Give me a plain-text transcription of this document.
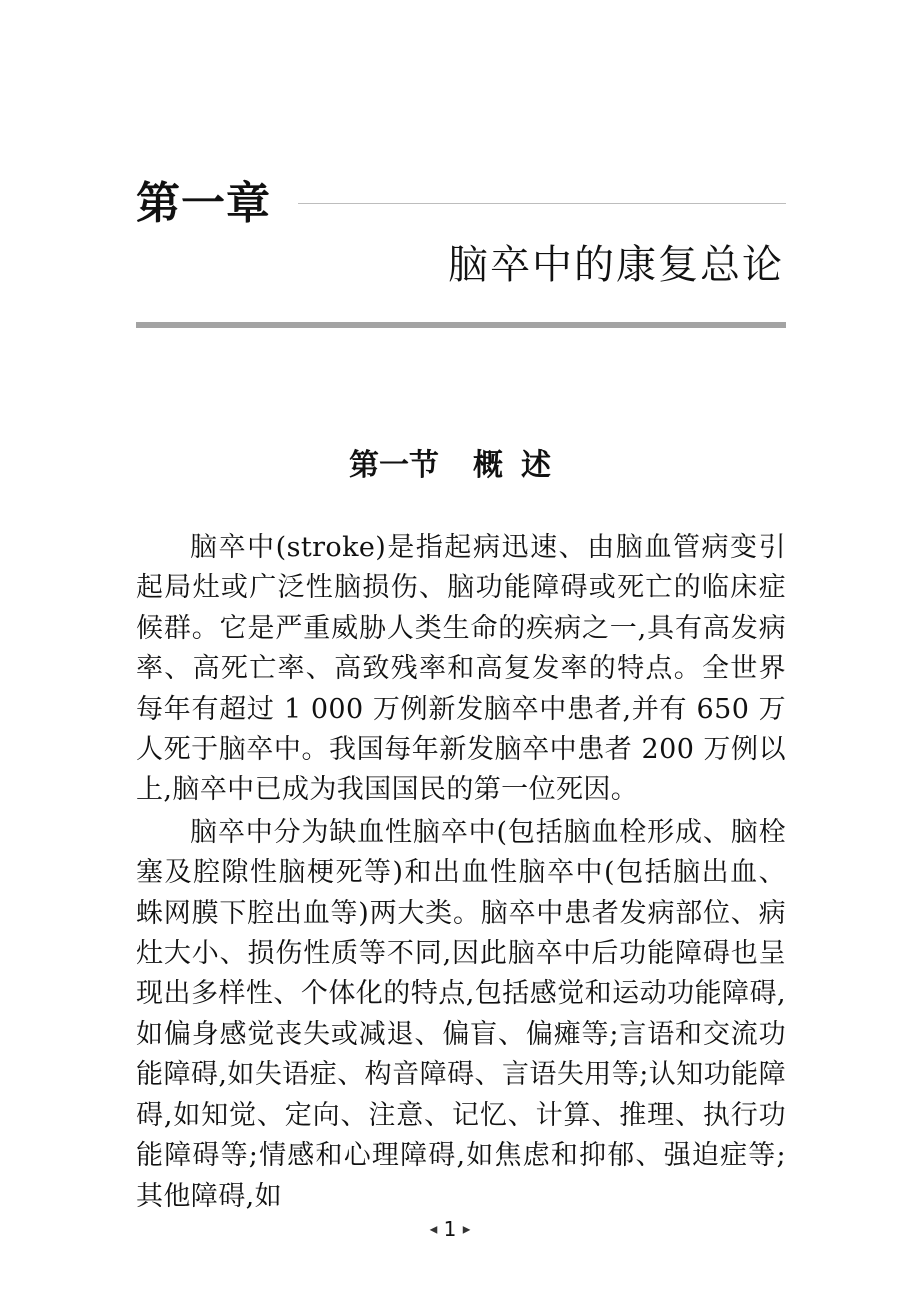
第一章
脑卒中的康复总论
第一节 概 述

脑卒中(stroke)是指起病迅速、由脑血管病变引起局灶或广泛性脑损伤、脑功能障碍或死亡的临床症候群。它是严重威胁人类生命的疾病之一,具有高发病率、高死亡率、高致残率和高复发率的特点。全世界每年有超过 1 000 万例新发脑卒中患者,并有 650 万人死于脑卒中。我国每年新发脑卒中患者 200 万例以上,脑卒中已成为我国国民的第一位死因。

脑卒中分为缺血性脑卒中(包括脑血栓形成、脑栓塞及腔隙性脑梗死等)和出血性脑卒中(包括脑出血、蛛网膜下腔出血等)两大类。脑卒中患者发病部位、病灶大小、损伤性质等不同,因此脑卒中后功能障碍也呈现出多样性、个体化的特点,包括感觉和运动功能障碍,如偏身感觉丧失或减退、偏盲、偏瘫等;言语和交流功能障碍,如失语症、构音障碍、言语失用等;认知功能障碍,如知觉、定向、注意、记忆、计算、推理、执行功能障碍等;情感和心理障碍,如焦虑和抑郁、强迫症等;其他障碍,如

◀ 1 ▶
